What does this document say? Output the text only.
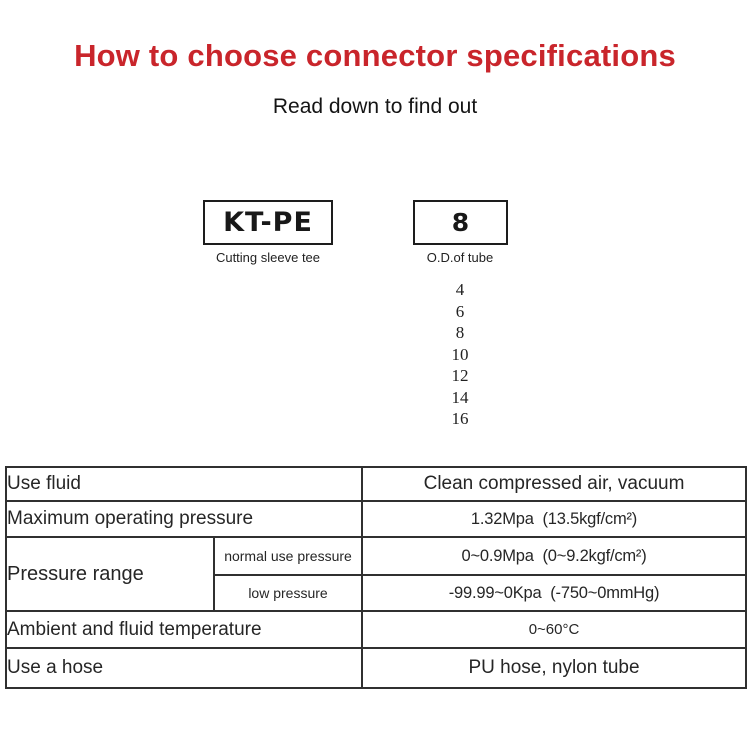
How to choose connector specifications
Read down to find out
KT-PE
Cutting sleeve tee
8
O.D.of tube
4
6
8
10
12
14
16
Use fluid		Clean compressed air, vacuum
Maximum operating pressure		1.32Mpa  (13.5kgf/cm²)
Pressure range	normal use pressure	0~0.9Mpa  (0~9.2kgf/cm²)
	low pressure	-99.99~0Kpa  (-750~0mmHg)
Ambient and fluid temperature		0~60°C
Use a hose		PU hose, nylon tube
